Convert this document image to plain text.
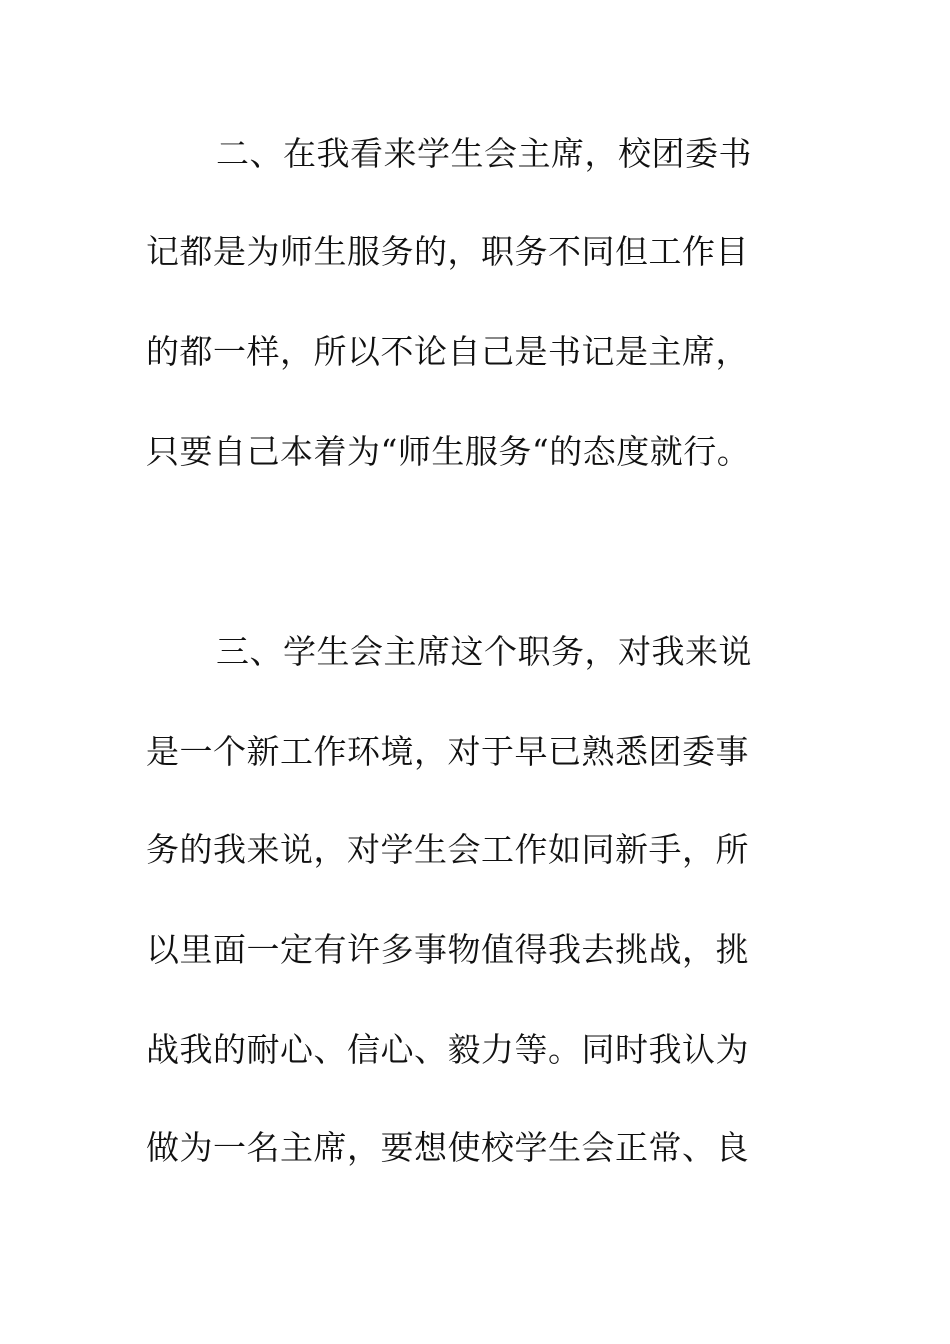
二、在我看来学生会主席，校团委书
记都是为师生服务的，职务不同但工作目
的都一样，所以不论自己是书记是主席，
只要自己本着为“师生服务“的态度就行。
三、学生会主席这个职务，对我来说
是一个新工作环境，对于早已熟悉团委事
务的我来说，对学生会工作如同新手，所
以里面一定有许多事物值得我去挑战，挑
战我的耐心、信心、毅力等。同时我认为
做为一名主席，要想使校学生会正常、良
